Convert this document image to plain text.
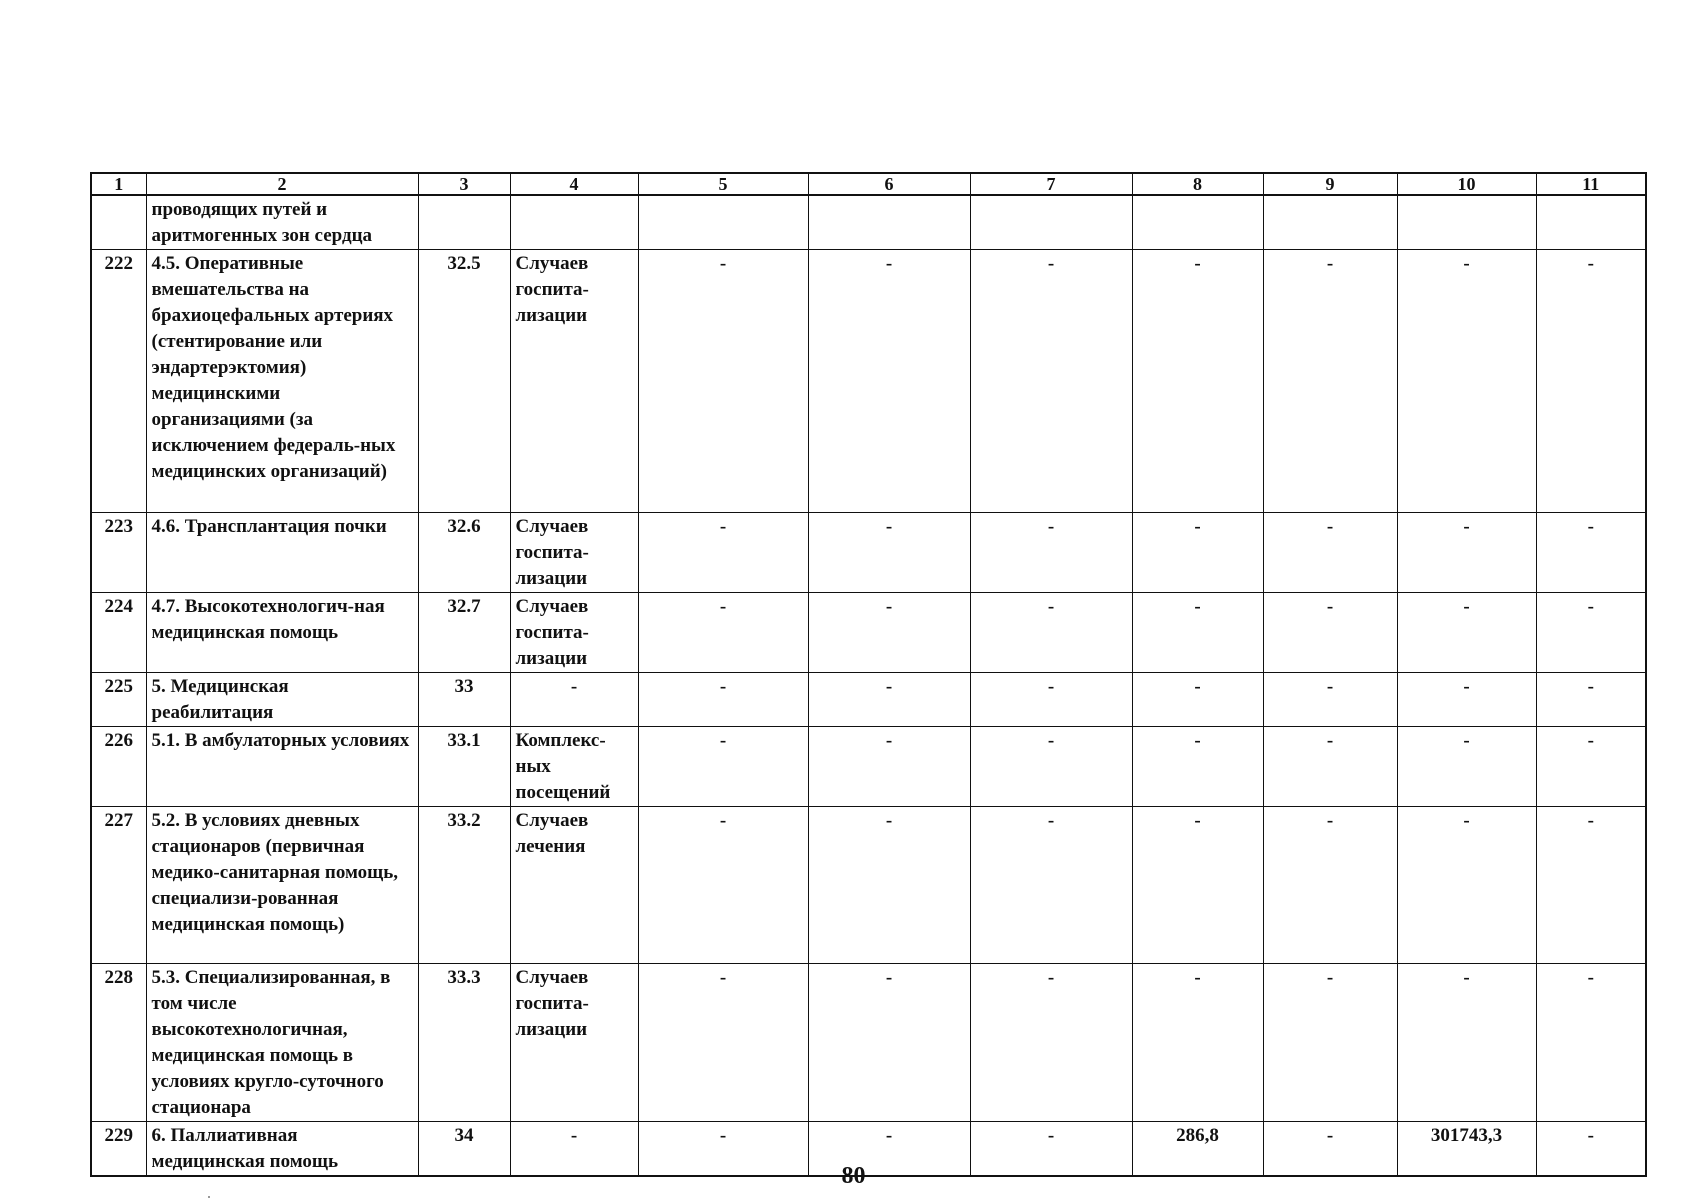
1	2	3	4	5	6	7	8	9	10	11
	проводящих путей и аритмогенных зон сердца									
222	4.5. Оперативные вмешательства на брахиоцефальных артериях (стентирование или эндартерэктомия) медицинскими организациями (за исключением федераль-ных медицинских организаций)	32.5	Случаев госпита-лизации	-	-	-	-	-	-	-
223	4.6. Трансплантация почки	32.6	Случаев госпита-лизации	-	-	-	-	-	-	-
224	4.7. Высокотехнологич-ная медицинская помощь	32.7	Случаев госпита-лизации	-	-	-	-	-	-	-
225	5. Медицинская реабилитация	33	-	-	-	-	-	-	-	-
226	5.1. В амбулаторных условиях	33.1	Комплекс-ных посещений	-	-	-	-	-	-	-
227	5.2. В условиях дневных стационаров (первичная медико-санитарная помощь, специализи-рованная медицинская помощь)	33.2	Случаев лечения	-	-	-	-	-	-	-
228	5.3. Специализированная, в том числе высокотехнологичная, медицинская помощь в условиях кругло-суточного стационара	33.3	Случаев госпита-лизации	-	-	-	-	-	-	-
229	6. Паллиативная медицинская помощь	34	-	-	-	-	286,8	-	301743,3	-
80
